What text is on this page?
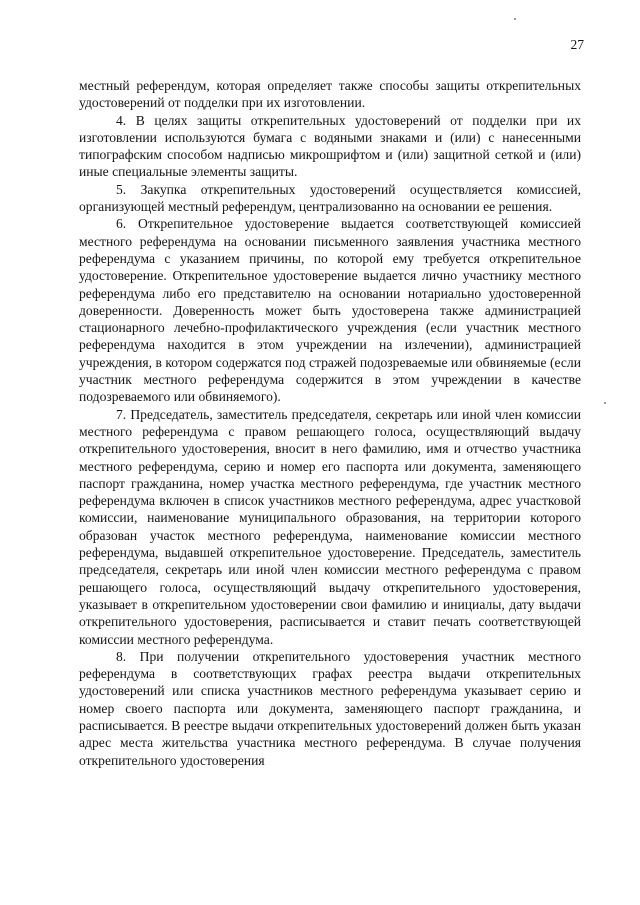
27

местный референдум, которая определяет также способы защиты открепительных удостоверений от подделки при их изготовлении.

4. В целях защиты открепительных удостоверений от подделки при их изготовлении используются бумага с водяными знаками и (или) с нанесенными типографским способом надписью микрошрифтом и (или) защитной сеткой и (или) иные специальные элементы защиты.

5. Закупка открепительных удостоверений осуществляется комиссией, организующей местный референдум, централизованно на основании ее решения.

6. Открепительное удостоверение выдается соответствующей комиссией местного референдума на основании письменного заявления участника местного референдума с указанием причины, по которой ему требуется открепительное удостоверение. Открепительное удостоверение выдается лично участнику местного референдума либо его представителю на основании нотариально удостоверенной доверенности. Доверенность может быть удостоверена также администрацией стационарного лечебно-профилактического учреждения (если участник местного референдума находится в этом учреждении на излечении), администрацией учреждения, в котором содержатся под стражей подозреваемые или обвиняемые (если участник местного референдума содержится в этом учреждении в качестве подозреваемого или обвиняемого).

7. Председатель, заместитель председателя, секретарь или иной член комиссии местного референдума с правом решающего голоса, осуществляющий выдачу открепительного удостоверения, вносит в него фамилию, имя и отчество участника местного референдума, серию и номер его паспорта или документа, заменяющего паспорт гражданина, номер участка местного референдума, где участник местного референдума включен в список участников местного референдума, адрес участковой комиссии, наименование муниципального образования, на территории которого образован участок местного референдума, наименование комиссии местного референдума, выдавшей открепительное удостоверение. Председатель, заместитель председателя, секретарь или иной член комиссии местного референдума с правом решающего голоса, осуществляющий выдачу открепительного удостоверения, указывает в открепительном удостоверении свои фамилию и инициалы, дату выдачи открепительного удостоверения, расписывается и ставит печать соответствующей комиссии местного референдума.

8. При получении открепительного удостоверения участник местного референдума в соответствующих графах реестра выдачи открепительных удостоверений или списка участников местного референдума указывает серию и номер своего паспорта или документа, заменяющего паспорт гражданина, и расписывается. В реестре выдачи открепительных удостоверений должен быть указан адрес места жительства участника местного референдума. В случае получения открепительного удостоверения
